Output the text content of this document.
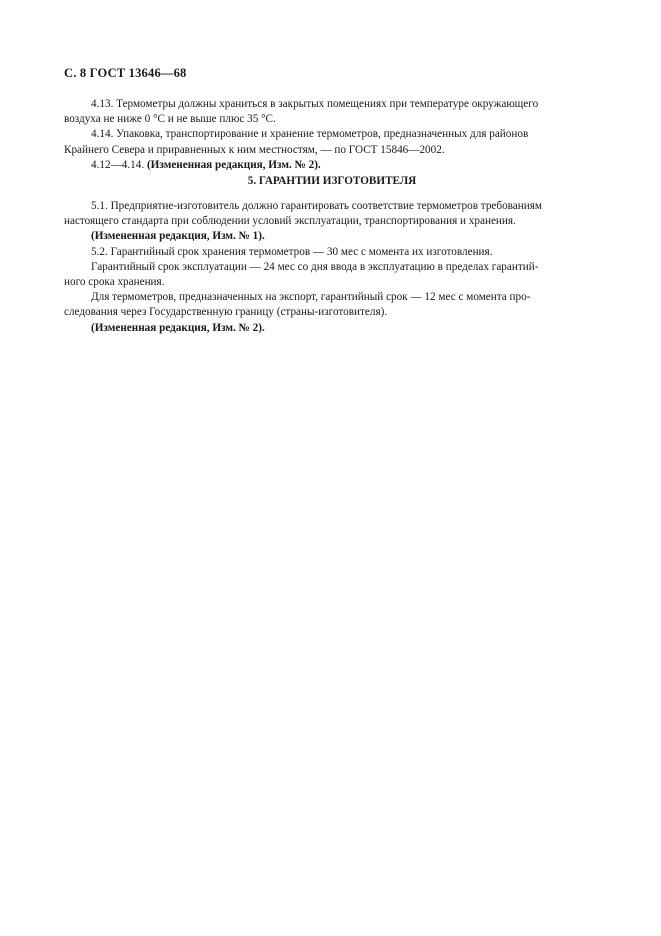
С. 8 ГОСТ 13646—68

4.13. Термометры должны храниться в закрытых помещениях при температуре окружающего

воздуха не ниже 0 °С и не выше плюс 35 °С.

4.14. Упаковка, транспортирование и хранение термометров, предназначенных для районов

Крайнего Севера и приравненных к ним местностям, — по ГОСТ 15846—2002.

4.12—4.14. (Измененная редакция, Изм. № 2).

5. ГАРАНТИИ ИЗГОТОВИТЕЛЯ

5.1. Предприятие-изготовитель должно гарантировать соответствие термометров требованиям

настоящего стандарта при соблюдении условий эксплуатации, транспортирования и хранения.

(Измененная редакция, Изм. № 1).

5.2. Гарантийный срок хранения термометров — 30 мес с момента их изготовления.

Гарантийный срок эксплуатации — 24 мес со дня ввода в эксплуатацию в пределах гарантий-

ного срока хранения.

Для термометров, предназначенных на экспорт, гарантийный срок — 12 мес с момента про-

следования через Государственную границу (страны-изготовителя).

(Измененная редакция, Изм. № 2).
